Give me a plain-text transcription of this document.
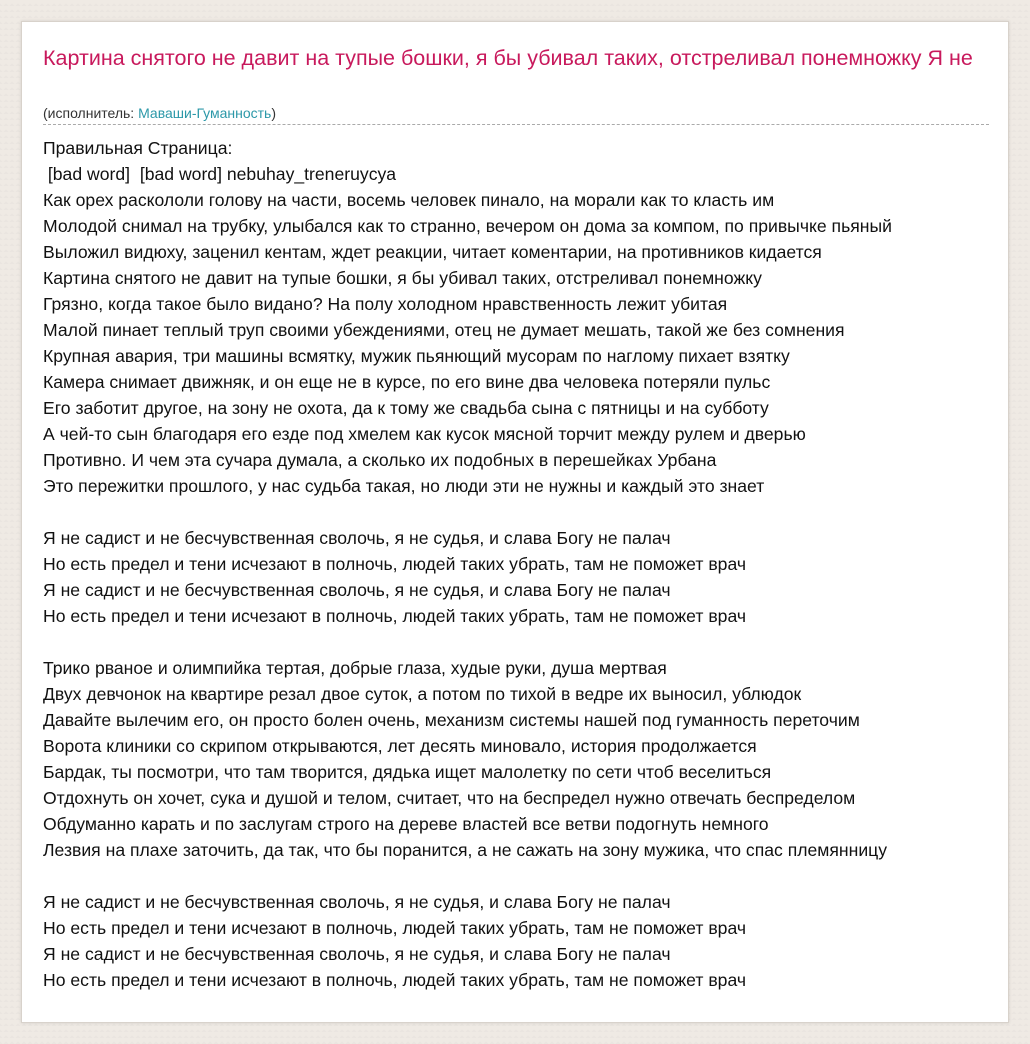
Картина снятого не давит на тупые бошки, я бы убивал таких, отстреливал понемножку Я не
(исполнитель: Маваши-Гуманность)
Правильная Страница:
[bad word]  [bad word] nebuhay_treneruycya
Как орех раскололи голову на части, восемь человек пинало, на морали как то класть им
Молодой снимал на трубку, улыбался как то странно, вечером он дома за компом, по привычке пьяный
Выложил видюху, заценил кентам, ждет реакции, читает коментарии, на противников кидается
Картина снятого не давит на тупые бошки, я бы убивал таких, отстреливал понемножку
Грязно, когда такое было видано? На полу холодном нравственность лежит убитая
Малой пинает теплый труп своими убеждениями, отец не думает мешать, такой же без сомнения
Крупная авария, три машины всмятку, мужик пьянющий мусорам по наглому пихает взятку
Камера снимает движняк, и он еще не в курсе, по его вине два человека потеряли пульс
Его заботит другое, на зону не охота, да к тому же свадьба сына с пятницы и на субботу
А чей-то сын благодаря его езде под хмелем как кусок мясной торчит между рулем и дверью
Противно. И чем эта сучара думала, а сколько их подобных в перешейках Урбана
Это пережитки прошлого, у нас судьба такая, но люди эти не нужны и каждый это знает
Я не садист и не бесчувственная сволочь, я не судья, и слава Богу не палач
Но есть предел и тени исчезают в полночь, людей таких убрать, там не поможет врач
Я не садист и не бесчувственная сволочь, я не судья, и слава Богу не палач
Но есть предел и тени исчезают в полночь, людей таких убрать, там не поможет врач
Трико рваное и олимпийка тертая, добрые глаза, худые руки, душа мертвая
Двух девчонок на квартире резал двое суток, а потом по тихой в ведре их выносил, ублюдок
Давайте вылечим его, он просто болен очень, механизм системы нашей под гуманность переточим
Ворота клиники со скрипом открываются, лет десять миновало, история продолжается
Бардак, ты посмотри, что там творится, дядька ищет малолетку по сети чтоб веселиться
Отдохнуть он хочет, сука и душой и телом, считает, что на беспредел нужно отвечать беспределом
Обдуманно карать и по заслугам строго на дереве властей все ветви подогнуть немного
Лезвия на плахе заточить, да так, что бы поранится, а не сажать на зону мужика, что спас племянницу
Я не садист и не бесчувственная сволочь, я не судья, и слава Богу не палач
Но есть предел и тени исчезают в полночь, людей таких убрать, там не поможет врач
Я не садист и не бесчувственная сволочь, я не судья, и слава Богу не палач
Но есть предел и тени исчезают в полночь, людей таких убрать, там не поможет врач
